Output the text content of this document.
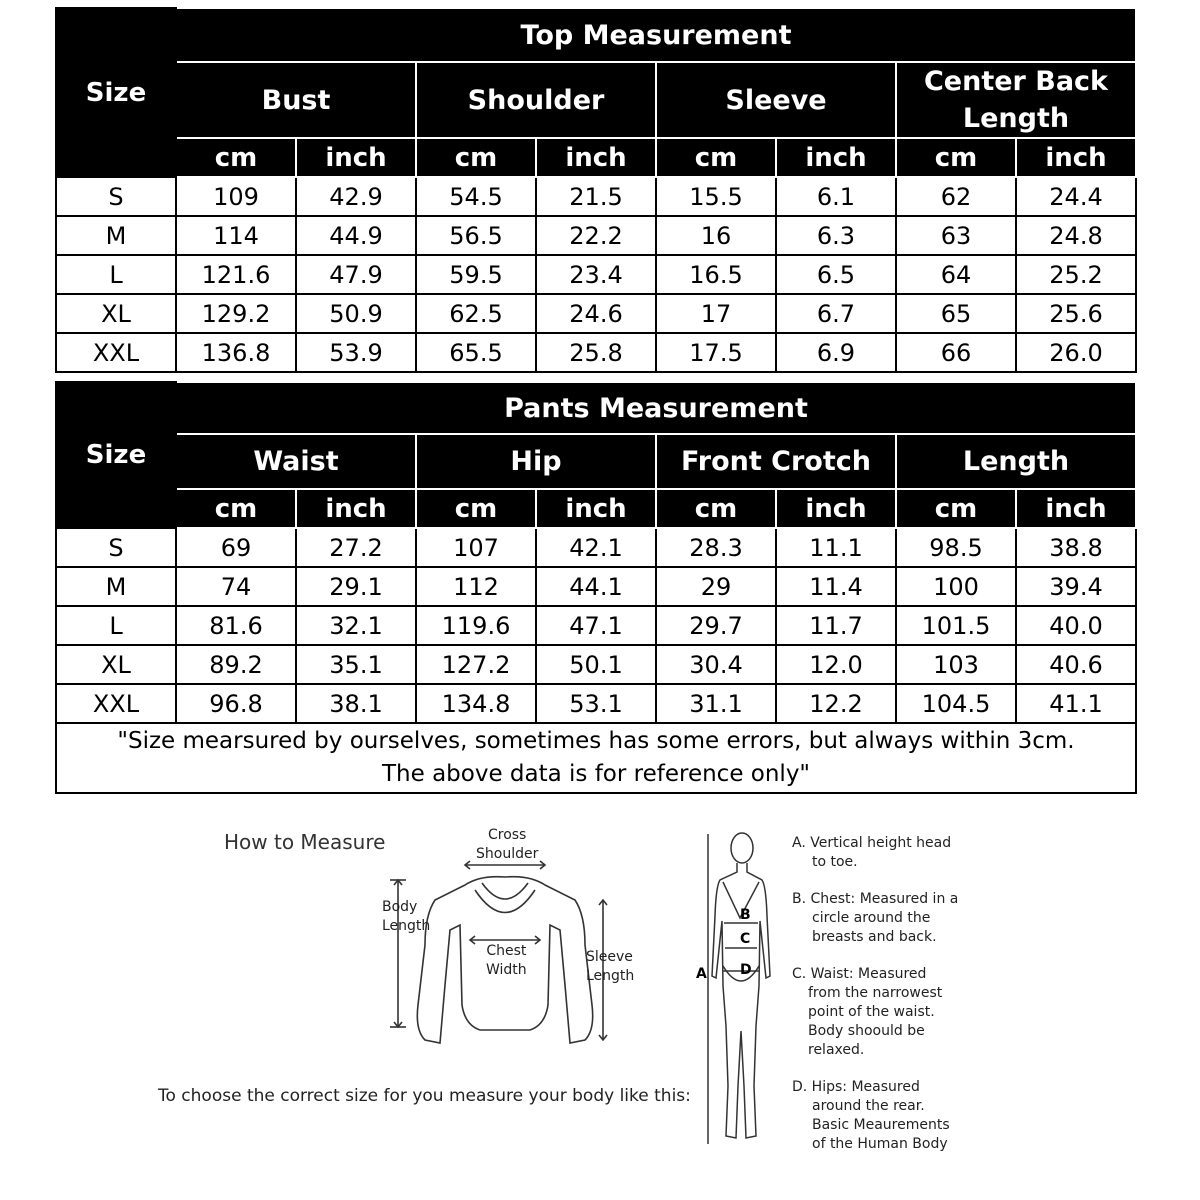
Size	Top Measurement							
	Bust		Shoulder		Sleeve		Center Back Length	
	cm	inch	cm	inch	cm	inch	cm	inch
S	109	42.9	54.5	21.5	15.5	6.1	62	24.4
M	114	44.9	56.5	22.2	16	6.3	63	24.8
L	121.6	47.9	59.5	23.4	16.5	6.5	64	25.2
XL	129.2	50.9	62.5	24.6	17	6.7	65	25.6
XXL	136.8	53.9	65.5	25.8	17.5	6.9	66	26.0
Size	Pants Measurement							
	Waist		Hip		Front Crotch		Length	
	cm	inch	cm	inch	cm	inch	cm	inch
S	69	27.2	107	42.1	28.3	11.1	98.5	38.8
M	74	29.1	112	44.1	29	11.4	100	39.4
L	81.6	32.1	119.6	47.1	29.7	11.7	101.5	40.0
XL	89.2	35.1	127.2	50.1	30.4	12.0	103	40.6
XXL	96.8	38.1	134.8	53.1	31.1	12.2	104.5	41.1

"Size mearsured by ourselves, sometimes has some errors, but always within 3cm.
The above data is for reference only"								
How to Measure	Cross
Shoulder
Body
Length
Chest
Width
Sleeve
Length
To choose the correct size for you measure your body like this:
A
B
C
D
A. Vertical height head
to toe.
B. Chest: Measured in a
circle around the
breasts and back.
C. Waist: Measured
from the narrowest
point of the waist.
Body shoould be
relaxed.
D. Hips: Measured
around the rear.
Basic Meaurements
of the Human Body
